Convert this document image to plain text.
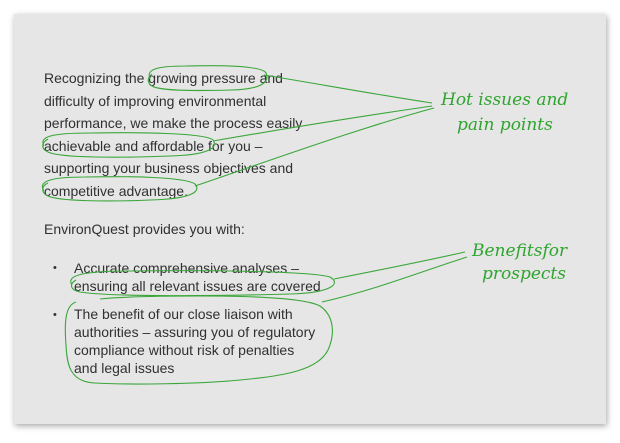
Recognizing the growing pressure and

difficulty of improving environmental

performance, we make the process easily

achievable and affordable for you –

supporting your business objectives and

competitive advantage.

EnvironQuest provides you with:

• Accurate comprehensive analyses –

ensuring all relevant issues are covered

• The benefit of our close liaison with

authorities – assuring you of regulatory

compliance without risk of penalties

and legal issues

Hot issues and
pain points
Benefitsfor
prospects
